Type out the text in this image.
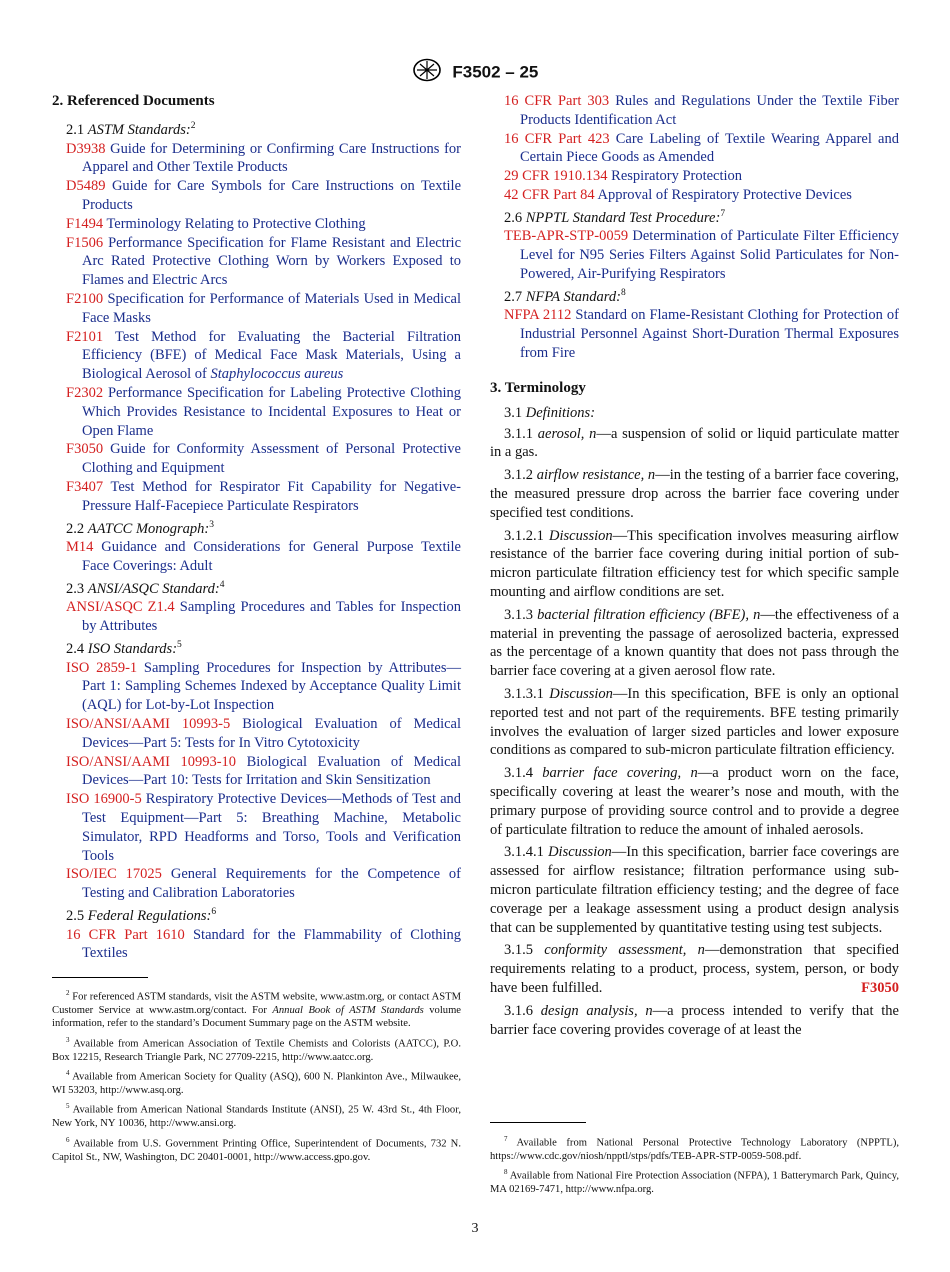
F3502 – 25
2. Referenced Documents
2.1 ASTM Standards:$^2$

D3938 Guide for Determining or Confirming Care Instructions for Apparel and Other Textile Products

D5489 Guide for Care Symbols for Care Instructions on Textile Products

F1494 Terminology Relating to Protective Clothing

F1506 Performance Specification for Flame Resistant and Electric Arc Rated Protective Clothing Worn by Workers Exposed to Flames and Electric Arcs

F2100 Specification for Performance of Materials Used in Medical Face Masks

F2101 Test Method for Evaluating the Bacterial Filtration Efficiency (BFE) of Medical Face Mask Materials, Using a Biological Aerosol of Staphylococcus aureus

F2302 Performance Specification for Labeling Protective Clothing Which Provides Resistance to Incidental Exposures to Heat or Open Flame

F3050 Guide for Conformity Assessment of Personal Protective Clothing and Equipment

F3407 Test Method for Respirator Fit Capability for Negative-Pressure Half-Facepiece Particulate Respirators

2.2 AATCC Monograph:$^3$

M14 Guidance and Considerations for General Purpose Textile Face Coverings: Adult

2.3 ANSI/ASQC Standard:$^4$

ANSI/ASQC Z1.4 Sampling Procedures and Tables for Inspection by Attributes

2.4 ISO Standards:$^5$

ISO 2859-1 Sampling Procedures for Inspection by Attributes—Part 1: Sampling Schemes Indexed by Acceptance Quality Limit (AQL) for Lot-by-Lot Inspection

ISO/ANSI/AAMI 10993-5 Biological Evaluation of Medical Devices—Part 5: Tests for In Vitro Cytotoxicity

ISO/ANSI/AAMI 10993-10 Biological Evaluation of Medical Devices—Part 10: Tests for Irritation and Skin Sensitization

ISO 16900-5 Respiratory Protective Devices—Methods of Test and Test Equipment—Part 5: Breathing Machine, Metabolic Simulator, RPD Headforms and Torso, Tools and Verification Tools

ISO/IEC 17025 General Requirements for the Competence of Testing and Calibration Laboratories

2.5 Federal Regulations:$^6$

16 CFR Part 1610 Standard for the Flammability of Clothing Textiles

$^2$ For referenced ASTM standards, visit the ASTM website, www.astm.org, or contact ASTM Customer Service at www.astm.org/contact. For Annual Book of ASTM Standards volume information, refer to the standard’s Document Summary page on the ASTM website.

$^3$ Available from American Association of Textile Chemists and Colorists (AATCC), P.O. Box 12215, Research Triangle Park, NC 27709-2215, http://www.aatcc.org.

$^4$ Available from American Society for Quality (ASQ), 600 N. Plankinton Ave., Milwaukee, WI 53203, http://www.asq.org.

$^5$ Available from American National Standards Institute (ANSI), 25 W. 43rd St., 4th Floor, New York, NY 10036, http://www.ansi.org.

$^6$ Available from U.S. Government Printing Office, Superintendent of Documents, 732 N. Capitol St., NW, Washington, DC 20401-0001, http://www.access.gpo.gov.

16 CFR Part 303 Rules and Regulations Under the Textile Fiber Products Identification Act

16 CFR Part 423 Care Labeling of Textile Wearing Apparel and Certain Piece Goods as Amended

29 CFR 1910.134 Respiratory Protection

42 CFR Part 84 Approval of Respiratory Protective Devices

2.6 NPPTL Standard Test Procedure:$^7$

TEB-APR-STP-0059 Determination of Particulate Filter Efficiency Level for N95 Series Filters Against Solid Particulates for Non-Powered, Air-Purifying Respirators

2.7 NFPA Standard:$^8$

NFPA 2112 Standard on Flame-Resistant Clothing for Protection of Industrial Personnel Against Short-Duration Thermal Exposures from Fire

3. Terminology
3.1 Definitions:

3.1.1 aerosol, n—a suspension of solid or liquid particulate matter in a gas.

3.1.2 airflow resistance, n—in the testing of a barrier face covering, the measured pressure drop across the barrier face covering under specified test conditions.

3.1.2.1 Discussion—This specification involves measuring airflow resistance of the barrier face covering during initial portion of sub-micron particulate filtration efficiency test for which specific sample mounting and airflow conditions are set.

3.1.3 bacterial filtration efficiency (BFE), n—the effectiveness of a material in preventing the passage of aerosolized bacteria, expressed as the percentage of a known quantity that does not pass through the barrier face covering at a given aerosol flow rate.

3.1.3.1 Discussion—In this specification, BFE is only an optional reported test and not part of the requirements. BFE testing primarily involves the evaluation of larger sized particles and lower exposure conditions as compared to sub-micron particulate filtration efficiency.

3.1.4 barrier face covering, n—a product worn on the face, specifically covering at least the wearer’s nose and mouth, with the primary purpose of providing source control and to provide a degree of particulate filtration to reduce the amount of inhaled aerosols.

3.1.4.1 Discussion—In this specification, barrier face coverings are assessed for airflow resistance; filtration performance using sub-micron particulate filtration efficiency testing; and the degree of face coverage per a leakage assessment using a product design analysis that can be supplemented by quantitative testing using test subjects.

3.1.5 conformity assessment, n—demonstration that specified requirements relating to a product, process, system, person, or body have been fulfilled.	F3050

3.1.6 design analysis, n—a process intended to verify that the barrier face covering provides coverage of at least the

$^7$ Available from National Personal Protective Technology Laboratory (NPPTL), https://www.cdc.gov/niosh/npptl/stps/pdfs/TEB-APR-STP-0059-508.pdf.

$^8$ Available from National Fire Protection Association (NFPA), 1 Batterymarch Park, Quincy, MA 02169-7471, http://www.nfpa.org.

3
